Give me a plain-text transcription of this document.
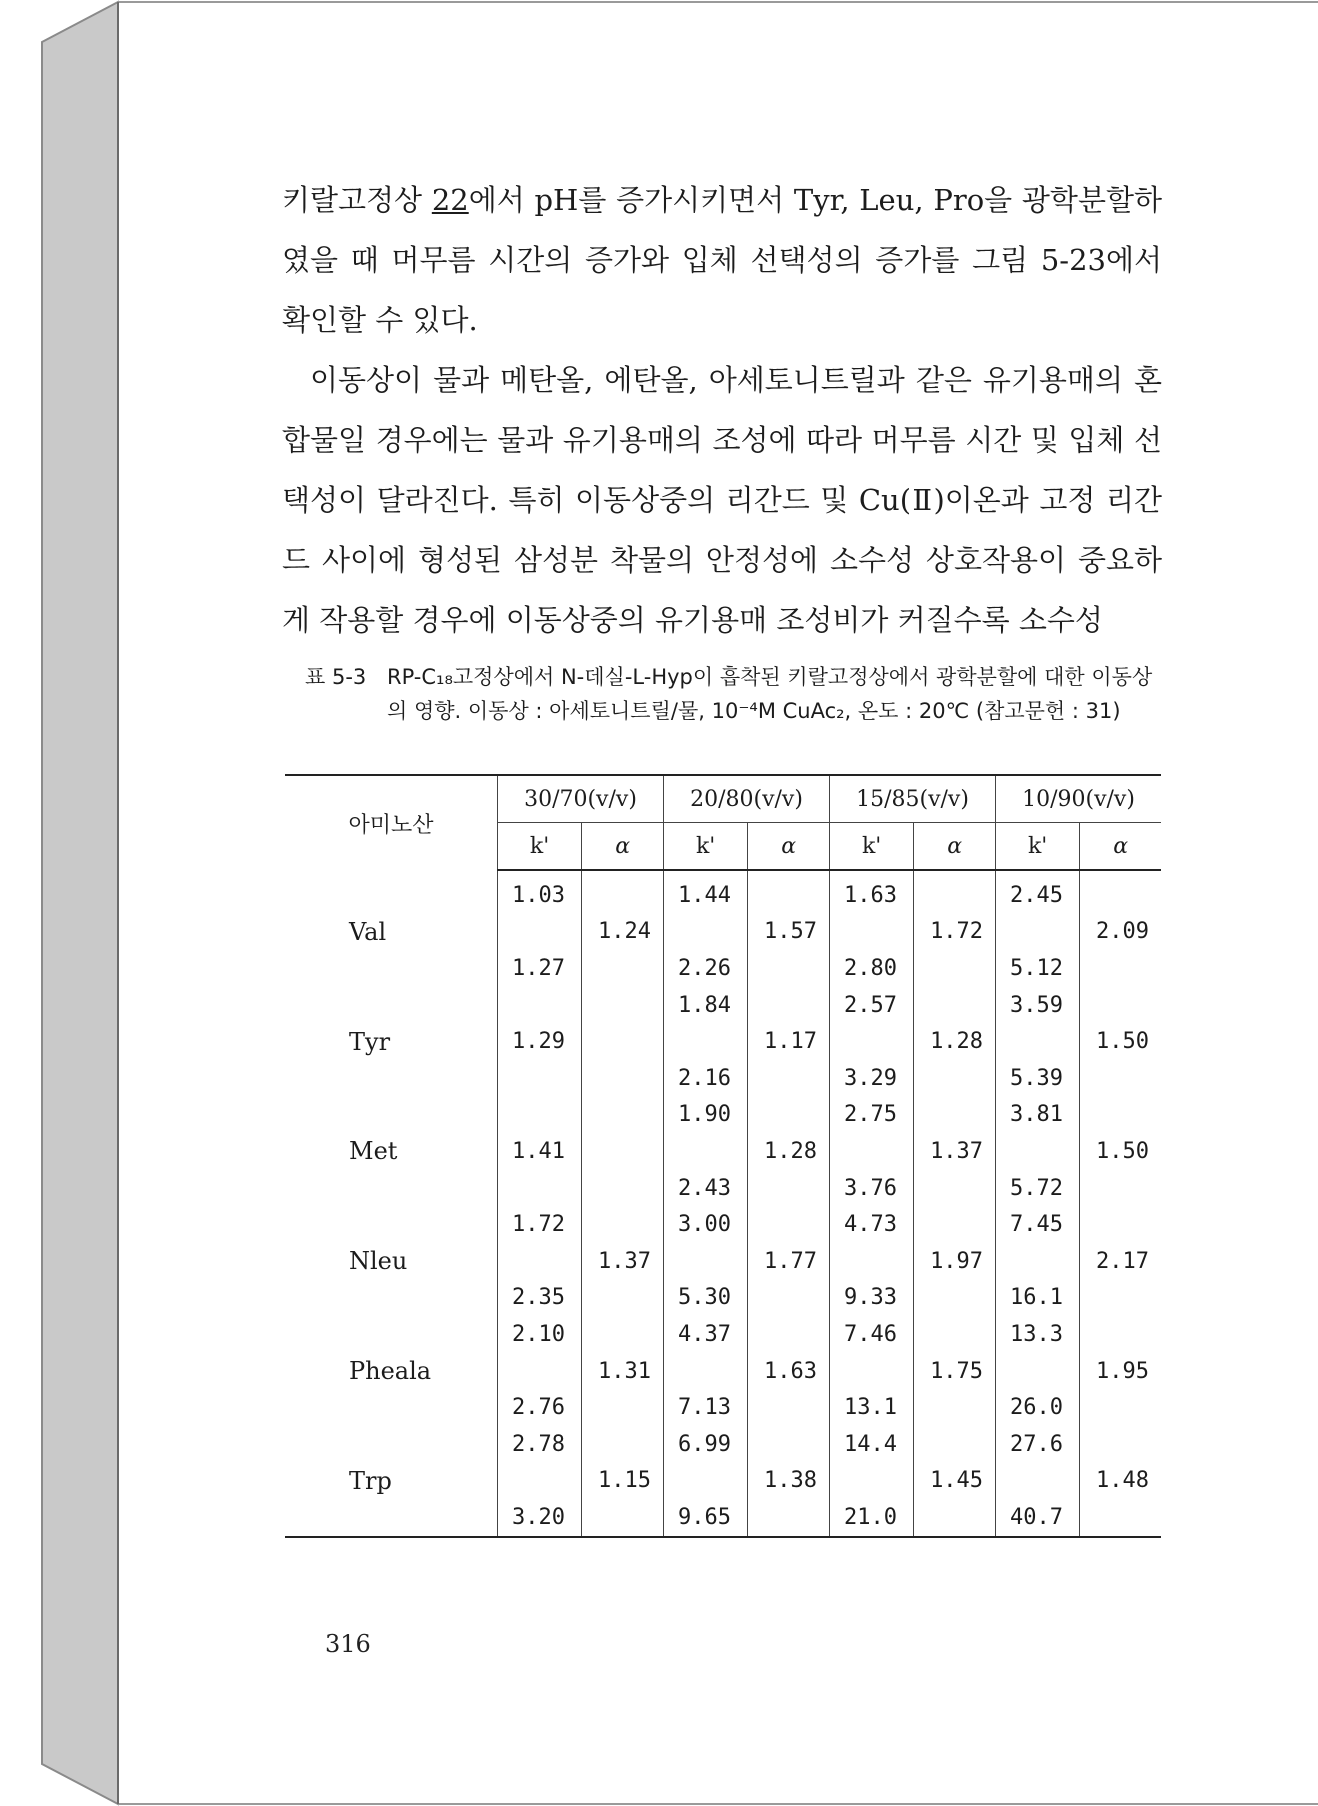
키랄고정상 22에서 pH를 증가시키면서 Tyr, Leu, Pro을 광학분할하였을 때 머무름 시간의 증가와 입체 선택성의 증가를 그림 5-23에서 확인할 수 있다.

이동상이 물과 메탄올, 에탄올, 아세토니트릴과 같은 유기용매의 혼합물일 경우에는 물과 유기용매의 조성에 따라 머무름 시간 및 입체 선택성이 달라진다. 특히 이동상중의 리간드 및 Cu(Ⅱ)이온과 고정 리간드 사이에 형성된 삼성분 착물의 안정성에 소수성 상호작용이 중요하게 작용할 경우에 이동상중의 유기용매 조성비가 커질수록 소수성

표 5-3 RP-C₁₈고정상에서 N-데실-L-Hyp이 흡착된 키랄고정상에서 광학분할에 대한 이동상의 영향. 이동상 : 아세토니트릴/물, 10⁻⁴M CuAc₂, 온도 : 20℃ (참고문헌 : 31)
아미노산	30/70(v/v)		20/80(v/v)		15/85(v/v)		10/90(v/v)	
	k'	α	k'	α	k'	α	k'	α
	1.03		1.44		1.63		2.45	
Val		1.24		1.57		1.72		2.09
	1.27		2.26		2.80		5.12	
			1.84		2.57		3.59	
Tyr	1.29			1.17		1.28		1.50
			2.16		3.29		5.39	
			1.90		2.75		3.81	
Met	1.41			1.28		1.37		1.50
			2.43		3.76		5.72	
	1.72		3.00		4.73		7.45	
Nleu		1.37		1.77		1.97		2.17
	2.35		5.30		9.33		16.1	
	2.10		4.37		7.46		13.3	
Pheala		1.31		1.63		1.75		1.95
	2.76		7.13		13.1		26.0	
	2.78		6.99		14.4		27.6	
Trp		1.15		1.38		1.45		1.48
	3.20		9.65		21.0		40.7	
316
